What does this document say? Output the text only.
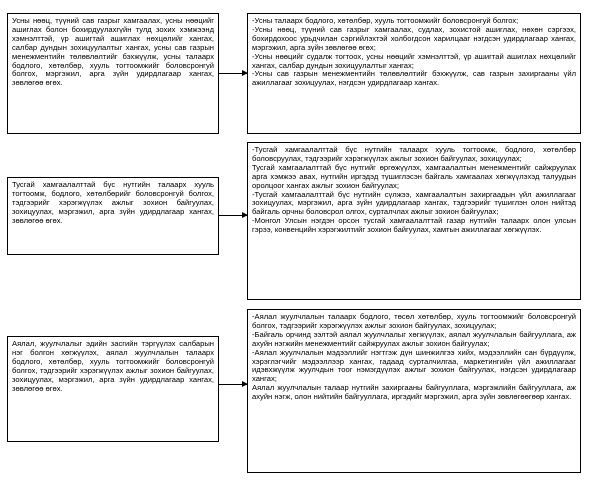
Усны нөөц, түүний сав газрыг хамгаалах, усны нөөцийг ашиглах болон бохирдуулахгүйн тулд зохих хэмжээнд хэмнэлттэй, үр ашигтай ашиглах нөхцөлийг хангах, салбар дундын зохицуулалтыг хангах, усны сав газрын менежментийн төлөвлөлтийг бэхжүүлж, усны талаарх бодлого, хөтөлбөр, хууль тогтоомжийг боловсронгуй болгох, мэргэжил, арга зүйн удирдлагаар хангах, зөвлөгөө өгөх.

-Усны талаарх бодлого, хөтөлбөр, хууль тогтоомжийг боловсронгуй болгох;

-Усны нөөц, түүний сав газрыг хамгаалах, судлах, зохистой ашиглах, нөхөн сэргээх, бохирдохоос урьдчилан сэргийлэхтэй холбогдсон харилцааг нэгдсэн удирдлагаар хангах, мэргэжил, арга зүйн зөвлөгөө өгөх;

-Усны нөөцийг судалж тогтоох, усны нөөцийг хэмнэлттэй, үр ашигтай ашиглах нөхцөлийг хангах, салбар дундын зохицуулалтыг хангах;

-Усны сав газрын менежментийн төлөвлөлтийг бэхжүүлж, сав газрын захиргааны үйл ажиллагааг зохицуулах, нэгдсэн удирдлагаар хангах.

Тусгай хамгаалалттай бүс нутгийн талаарх хууль тогтоомж, бодлого, хөтөлбөрийг боловсронгуй болгох, тэдгээрийг хэрэгжүүлэх ажлыг зохион байгуулах, зохицуулах, мэргэжил, арга зүйн удирдлагаар хангах, зөвлөгөө өгөх.

-Тусгай хамгаалалттай бүс нутгийн талаарх хууль тогтоомж, бодлого, хөтөлбөр боловсруулах, тэдгээрийг хэрэгжүүлэх ажлыг зохион байгуулах, зохицуулах;

Тусгай хамгаалалттай бүс нутгийг өргөжүүлэх, хамгаалалтын менежментийг сайжруулах арга хэмжээ авах, нутгийн иргэдэд түшиглэсэн байгаль хамгаалах хөгжүүлэхэд талуудын оролцоог хангах ажлыг зохион байгуулах;

-Тусгай хамгаалалттай бүс нутгийн сүлжээ, хамгаалалтын захиргаадын үйл ажиллагааг зохицуулах, мэргэжил, арга зүйн удирдлагаар хангах, тэдгээрийг түшиглэн олон нийтэд байгаль орчны боловсрол олгох, сурталчлах ажлыг зохион байгуулах;

-Монгол Улсын нэгдэн орсон тусгай хамгаалалттай газар нутгийн талаарх олон улсын гэрээ, конвенцийн хэрэгжилтийг зохион байгуулах, хамтын ажиллагааг хөгжүүлэх.

Аялал, жуулчлалыг эдийн засгийн тэргүүлэх салбарын нэг болгон хөгжүүлэх, аялал жуулчлалын талаарх бодлого, хөтөлбөр, хууль тогтоомжийг боловсронгуй болгох, тэдгээрийг хэрэгжүүлэх ажлыг зохион байгуулах, зохицуулах, мэргэжил, арга зүйн удирдлагаар хангах, зөвлөгөө өгөх.

-Аялал жуулчлалын талаарх бодлого, төсөл хөтөлбөр, хууль тогтоомжийг боловсронгуй болгох, тэдгээрийг хэрэгжүүлэх ажлыг зохион байгуулах, зохицуулах;

-Байгаль орчинд ээлтэй аялал жуулчлалыг хөгжүүлэх, аялал жуулчлалын байгууллага, аж ахуйн нэгжийн менежментийг сайжруулах ажлыг зохион байгуулах;

-Аялал жуулчлалын мэдээллийг нэгтгэж дүн шинжилгээ хийх, мэдээллийн сан бүрдүүлж, хэрэглэгчийг мэдээллээр хангах, гадаад сурталчилгаа, маркетингийн үйл ажиллагааг идэвхжүүлж жуулчдын тоог нэмэгдүүлэх ажлыг зохион байгуулах, нэгдсэн удирдлагаар хангах;

Аялал жуулчлалын талаар нутгийн захиргааны байгууллага, мэргэжлийн байгууллага, аж ахуйн нэгж, олон нийтийн байгууллага, иргэдийг мэргэжил, арга зүйн зөвлөгөөгөөр хангах.
